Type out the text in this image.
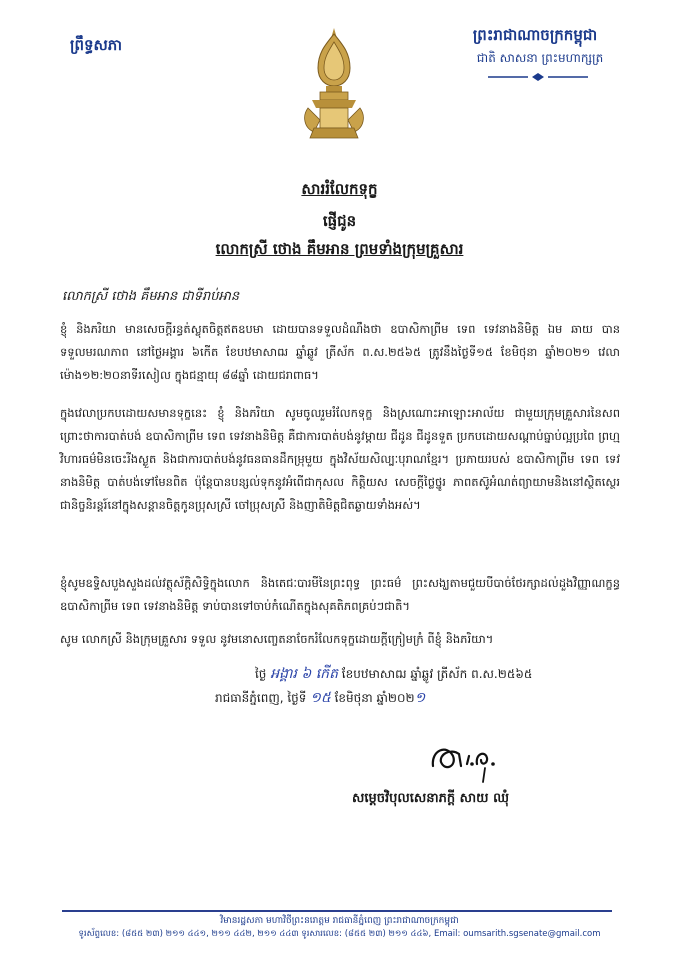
ព្រឹទ្ធសភា
ព្រះរាជាណាចក្រកម្ពុជា
ជាតិ សាសនា ព្រះមហាក្សត្រ
សាររំលែកទុក្ខ
ផ្ញើជូន
លោកស្រី ថោង គឹមអាន ព្រមទាំងក្រុមគ្រួសារ
លោកស្រី ថោង គឹមអាន ជាទីរាប់អាន
ខ្ញុំ និងភរិយា មានសេចក្តីរន្ធត់ស្លុតចិត្តឥតឧបមា ដោយបានទទួលដំណឹងថា ឧបាសិកាព្រីម ទេព ទេវនាងនិមិត្ត ឯម ឆាយ បានទទួលមរណភាព នៅថ្ងៃអង្គារ ៦កើត ខែបឋមាសាឍ ឆ្នាំឆ្លូវ ត្រីស័ក ព.ស.២៥៦៥ ត្រូវនឹងថ្ងៃទី១៥ ខែមិថុនា ឆ្នាំ២០២១ វេលាម៉ោង១២:២០នាទីរសៀល ក្នុងជន្មាយុ ៨៨ឆ្នាំ ដោយជរាពាធ។
ក្នុងវេលាប្រកបដោយសមានទុក្ខនេះ ខ្ញុំ និងភរិយា សូមចូលរួមរំលែកទុក្ខ និងស្រណោះអាឡោះអាល័យ ជាមួយក្រុមគ្រួសារនៃសព ព្រោះថាការបាត់បង់ ឧបាសិកាព្រីម ទេព ទេវនាងនិមិត្ត គឺជាការបាត់បង់នូវម្តាយ ជីដូន ជីដូនទួត ប្រកបដោយសណ្តាប់ធ្នាប់ល្អប្រពៃ ព្រហ្មវិហារធម៌មិនចេះរីងស្ងួត និងជាការបាត់បង់នូវធនធានដឹកម្រុមួយ ក្នុងវិស័យសិល្បៈបុរាណខ្មែរ។ ប្រភាយរបស់ ឧបាសិកាព្រីម ទេព ទេវនាងនិមិត្ត បាត់បង់ទៅមែនពិត ប៉ុន្តែបានបន្សល់ទុកនូវអំពើជាកុសល កិត្តិយស សេចក្តីថ្លៃថ្នូរ ភាពតស៊ូអំណត់ព្យាយាមនិងនៅស្ថិតស្ថេរជានិច្ចនិរន្តរ៍នៅក្នុងសន្តានចិត្តកូនប្រុសស្រី ចៅប្រុសស្រី និងញាតិមិត្តជិតឆ្ងាយទាំងអស់។
ខ្ញុំសូមឧទ្ទិសបួងសួងដល់វត្ថុស័ក្តិសិទ្ធិក្នុងលោក និងតេជៈបារមីនៃព្រះពុទ្ធ ព្រះធម៌ ព្រះសង្ឃតាមជួយបីបាច់ថែរក្សាដល់ដួងវិញ្ញាណក្ខន្ធ ឧបាសិកាព្រីម ទេព ទេវនាងនិមិត្ត ទាប់បានទៅចាប់កំណើតក្នុងសុគតិភពគ្រប់ៗជាតិ។
សូម លោកស្រី និងក្រុមគ្រួសារ ទទួល នូវមនោសញ្ចេតនាចែករំលែកទុក្ខដោយក្តីក្រៀមក្រំ ពីខ្ញុំ និងភរិយា។
ថ្ងៃ អង្គារ ៦ កើត ខែបឋមាសាឍ ឆ្នាំឆ្លូវ ត្រីស័ក ព.ស.២៥៦៥
រាជធានីភ្នំពេញ, ថ្ងៃទី ១៥ ខែមិថុនា ឆ្នាំ២០២១
សម្តេចវិបុលសេនាភក្តី សាយ ឈុំ
វិមានរដ្ឋសភា មហាវិថីព្រះនរោត្តម រាជធានីភ្នំពេញ ព្រះរាជាណាចក្រកម្ពុជា
ទូរស័ព្ទលេខ: (៨៥៥ ២៣) ២១១ ៤៤១, ២១១ ៤៤២, ២១១ ៤៤៣ ទូរសារលេខ: (៨៥៥ ២៣) ២១១ ៤៤៦, Email: oumsarith.sgsenate@gmail.com
